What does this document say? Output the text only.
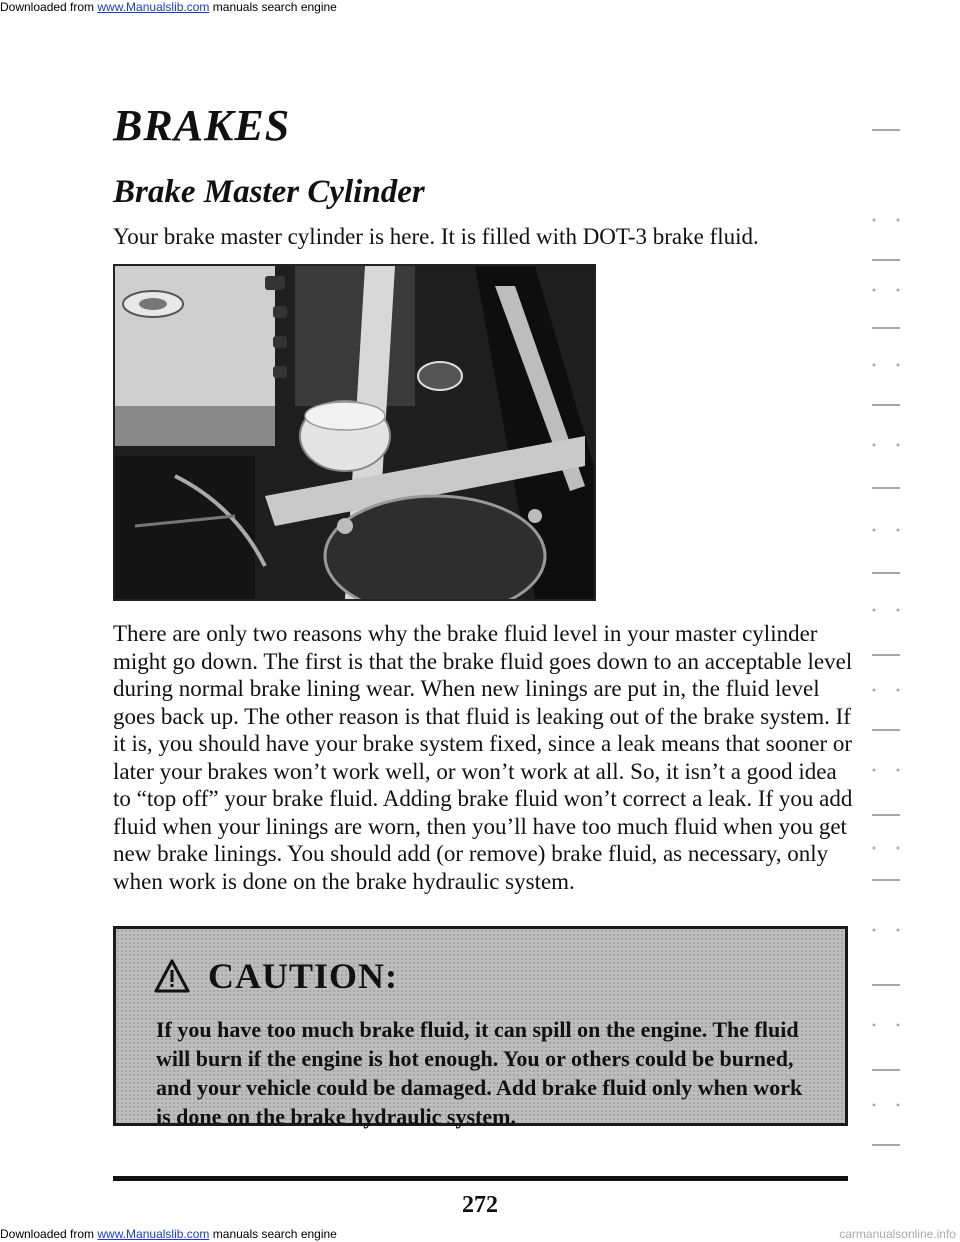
Downloaded from www.Manualslib.com manuals search engine
BRAKES
Brake Master Cylinder

Your brake master cylinder is here. It is filled with DOT-3 brake fluid.

There are only two reasons why the brake fluid level in your master cylinder might go down. The first is that the brake fluid goes down to an acceptable level during normal brake lining wear. When new linings are put in, the fluid level goes back up. The other reason is that fluid is leaking out of the brake system. If it is, you should have your brake system fixed, since a leak means that sooner or later your brakes won’t work well, or won’t work at all. So, it isn’t a good idea to “top off” your brake fluid. Adding brake fluid won’t correct a leak. If you add fluid when your linings are worn, then you’ll have too much fluid when you get new brake linings. You should add (or remove) brake fluid, as necessary, only when work is done on the brake hydraulic system.

CAUTION:

If you have too much brake fluid, it can spill on the engine. The fluid will burn if the engine is hot enough. You or others could be burned, and your vehicle could be damaged. Add brake fluid only when work is done on the brake hydraulic system.

272
Downloaded from www.Manualslib.com manuals search engine	carmanualsonline.info
